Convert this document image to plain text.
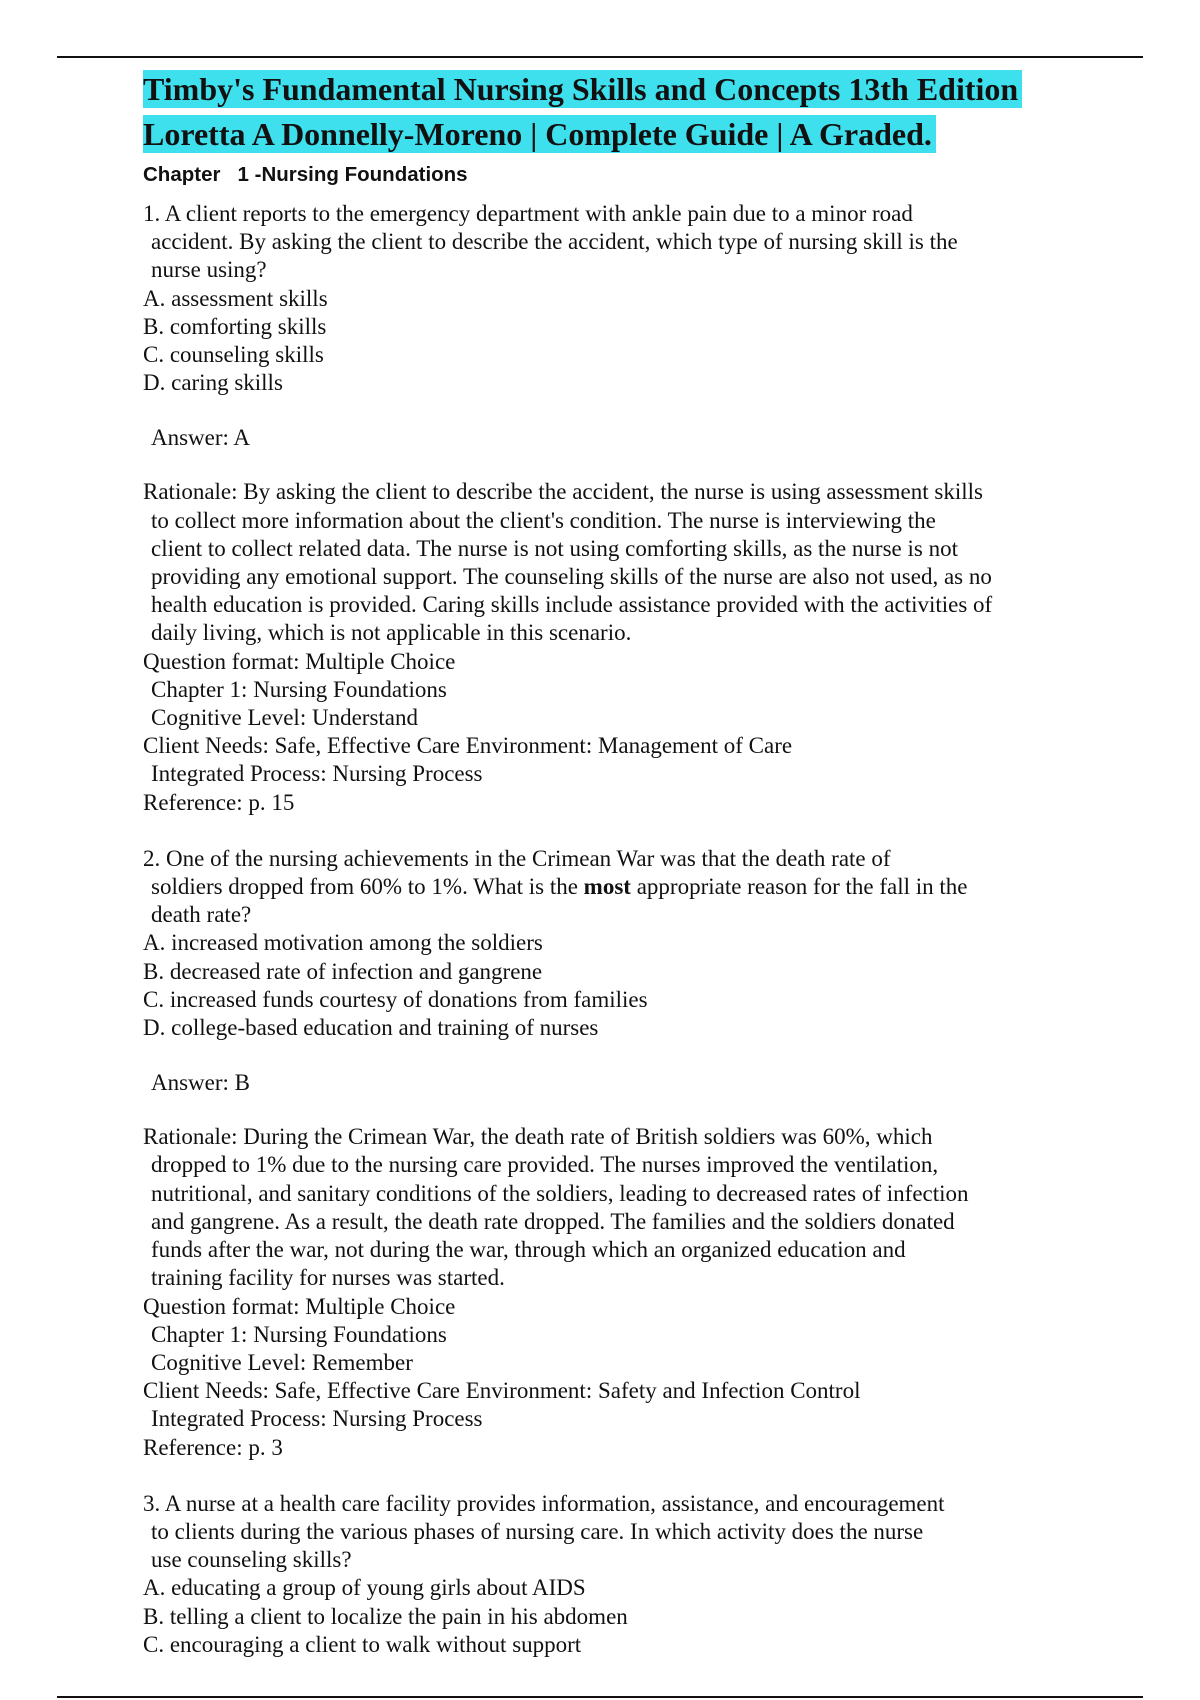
Timby's Fundamental Nursing Skills and Concepts 13th Edition
Loretta A Donnelly-Moreno | Complete Guide | A Graded.
Chapter   1 -Nursing Foundations

1. A client reports to the emergency department with ankle pain due to a minor road

accident. By asking the client to describe the accident, which type of nursing skill is the

nurse using?

A. assessment skills

B. comforting skills

C. counseling skills

D. caring skills

Answer: A

Rationale: By asking the client to describe the accident, the nurse is using assessment skills

to collect more information about the client's condition. The nurse is interviewing the

client to collect related data. The nurse is not using comforting skills, as the nurse is not

providing any emotional support. The counseling skills of the nurse are also not used, as no

health education is provided. Caring skills include assistance provided with the activities of

daily living, which is not applicable in this scenario.

Question format: Multiple Choice

Chapter 1: Nursing Foundations

Cognitive Level: Understand

Client Needs: Safe, Effective Care Environment: Management of Care

Integrated Process: Nursing Process

Reference: p. 15

2. One of the nursing achievements in the Crimean War was that the death rate of

soldiers dropped from 60% to 1%. What is the most appropriate reason for the fall in the

death rate?

A. increased motivation among the soldiers

B. decreased rate of infection and gangrene

C. increased funds courtesy of donations from families

D. college-based education and training of nurses

Answer: B

Rationale: During the Crimean War, the death rate of British soldiers was 60%, which

dropped to 1% due to the nursing care provided. The nurses improved the ventilation,

nutritional, and sanitary conditions of the soldiers, leading to decreased rates of infection

and gangrene. As a result, the death rate dropped. The families and the soldiers donated

funds after the war, not during the war, through which an organized education and

training facility for nurses was started.

Question format: Multiple Choice

Chapter 1: Nursing Foundations

Cognitive Level: Remember

Client Needs: Safe, Effective Care Environment: Safety and Infection Control

Integrated Process: Nursing Process

Reference: p. 3

3. A nurse at a health care facility provides information, assistance, and encouragement

to clients during the various phases of nursing care. In which activity does the nurse

use counseling skills?

A. educating a group of young girls about AIDS

B. telling a client to localize the pain in his abdomen

C. encouraging a client to walk without support
